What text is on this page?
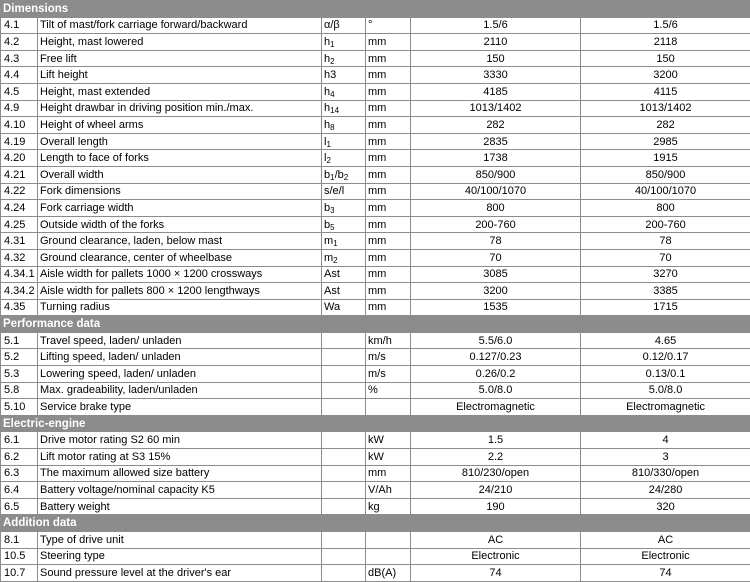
Dimensions					
4.1	Tilt of mast/fork carriage forward/backward	α/β	°	1.5/6	1.5/6
4.2	Height, mast lowered	$h_1$	mm	2110	2118
4.3	Free lift	$h_2$	mm	150	150
4.4	Lift height	h3	mm	3330	3200
4.5	Height, mast extended	$h_4$	mm	4185	4115
4.9	Height drawbar in driving position min./max.	$h_{14}$	mm	1013/1402	1013/1402
4.10	Height of wheel arms	$h_8$	mm	282	282
4.19	Overall length	$l_1$	mm	2835	2985
4.20	Length to face of forks	$l_2$	mm	1738	1915
4.21	Overall width	$b_1/b_2$	mm	850/900	850/900
4.22	Fork dimensions	s/e/l	mm	40/100/1070	40/100/1070
4.24	Fork carriage width	$b_3$	mm	800	800
4.25	Outside width of the forks	$b_5$	mm	200-760	200-760
4.31	Ground clearance, laden, below mast	$m_1$	mm	78	78
4.32	Ground clearance, center of wheelbase	$m_2$	mm	70	70
4.34.1	Aisle width for pallets 1000 × 1200 crossways	Ast	mm	3085	3270
4.34.2	Aisle width for pallets 800 × 1200 lengthways	Ast	mm	3200	3385
4.35	Turning radius	Wa	mm	1535	1715
Performance data					
5.1	Travel speed, laden/ unladen		km/h	5.5/6.0	4.65
5.2	Lifting speed, laden/ unladen		m/s	0.127/0.23	0.12/0.17
5.3	Lowering speed, laden/ unladen		m/s	0.26/0.2	0.13/0.1
5.8	Max. gradeability, laden/unladen		%	5.0/8.0	5.0/8.0
5.10	Service brake type			Electromagnetic	Electromagnetic
Electric-engine					
6.1	Drive motor rating S2 60 min		kW	1.5	4
6.2	Lift motor rating at S3 15%		kW	2.2	3
6.3	The maximum allowed size battery		mm	810/230/open	810/330/open
6.4	Battery voltage/nominal capacity K5		V/Ah	24/210	24/280
6.5	Battery weight		kg	190	320
Addition data					
8.1	Type of drive unit			AC	AC
10.5	Steering type			Electronic	Electronic
10.7	Sound pressure level at the driver's ear		dB(A)	74	74
